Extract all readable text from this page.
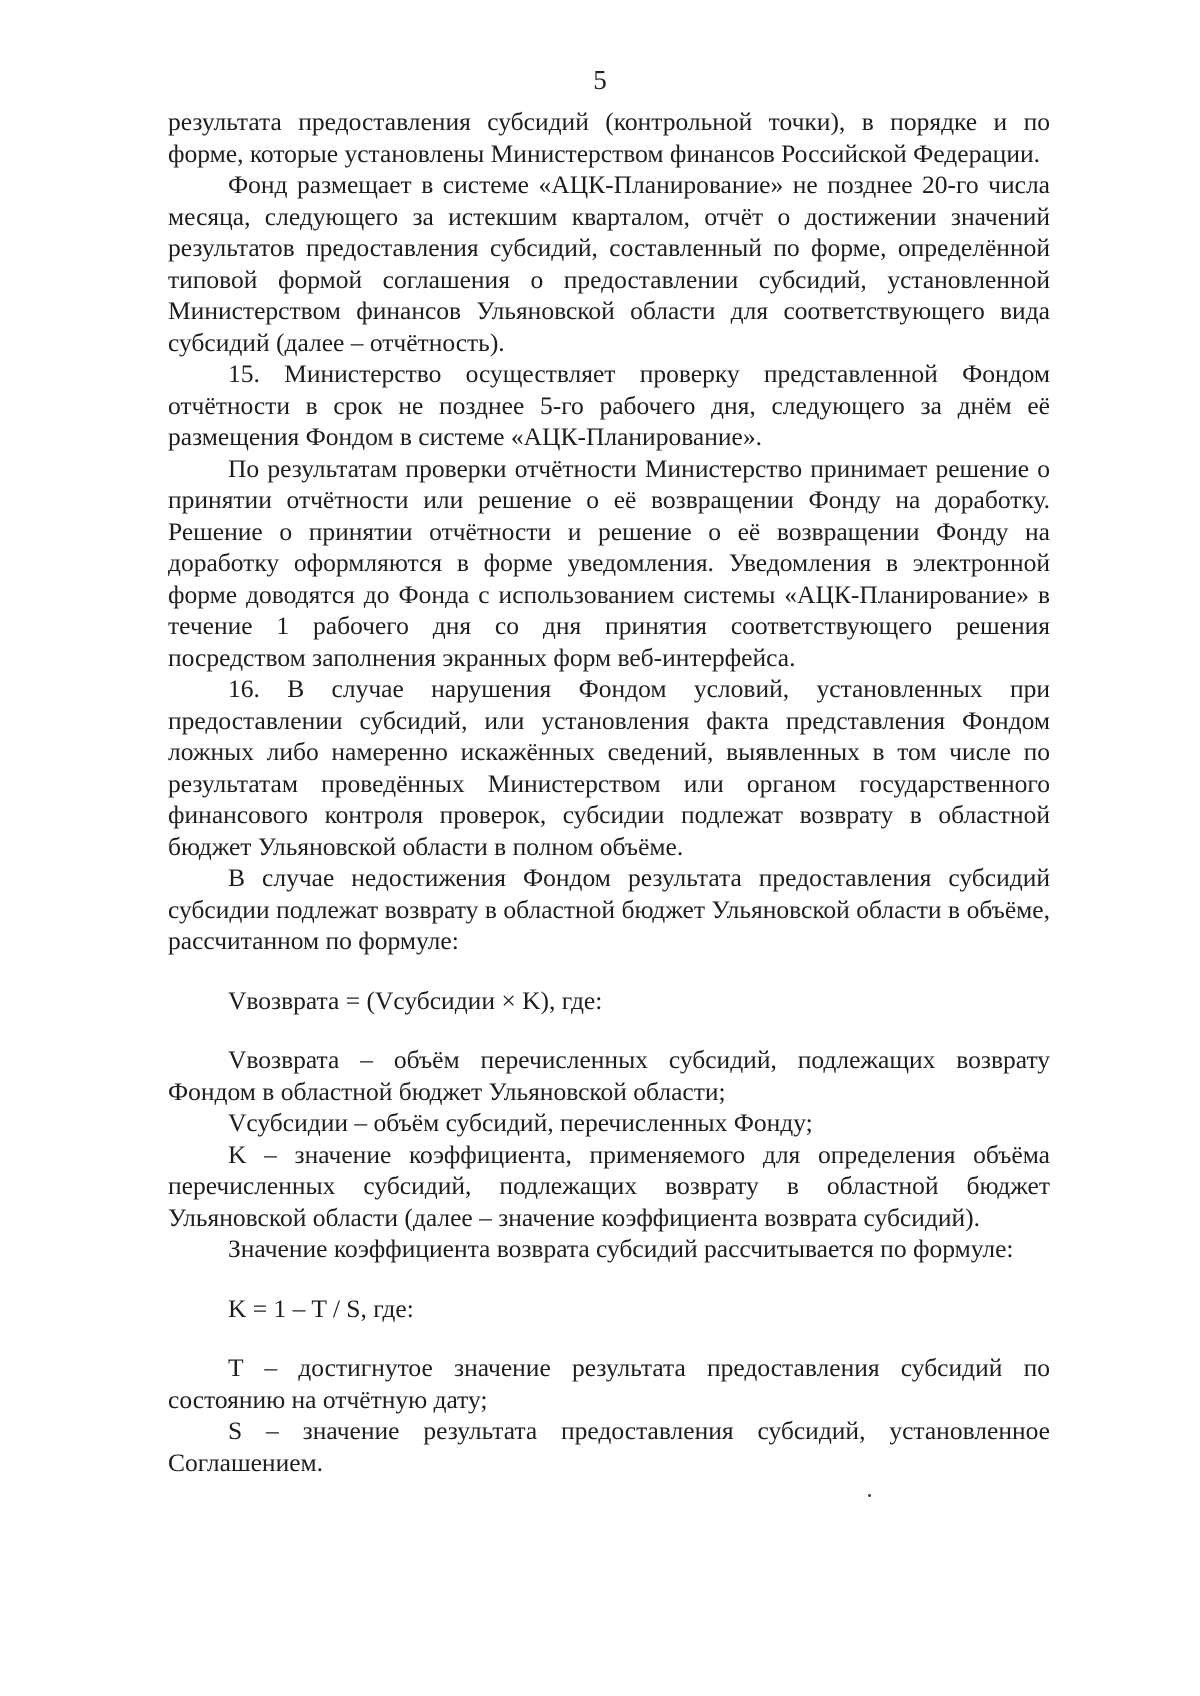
5

результата предоставления субсидий (контрольной точки), в порядке и по форме, которые установлены Министерством финансов Российской Федерации.

Фонд размещает в системе «АЦК-Планирование» не позднее 20-го числа месяца, следующего за истекшим кварталом, отчёт о достижении значений результатов предоставления субсидий, составленный по форме, определённой типовой формой соглашения о предоставлении субсидий, установленной Министерством финансов Ульяновской области для соответствующего вида субсидий (далее – отчётность).

15. Министерство осуществляет проверку представленной Фондом отчётности в срок не позднее 5-го рабочего дня, следующего за днём её размещения Фондом в системе «АЦК-Планирование».

По результатам проверки отчётности Министерство принимает решение о принятии отчётности или решение о её возвращении Фонду на доработку. Решение о принятии отчётности и решение о её возвращении Фонду на доработку оформляются в форме уведомления. Уведомления в электронной форме доводятся до Фонда с использованием системы «АЦК-Планирование» в течение 1 рабочего дня со дня принятия соответствующего решения посредством заполнения экранных форм веб-интерфейса.

16. В случае нарушения Фондом условий, установленных при предоставлении субсидий, или установления факта представления Фондом ложных либо намеренно искажённых сведений, выявленных в том числе по результатам проведённых Министерством или органом государственного финансового контроля проверок, субсидии подлежат возврату в областной бюджет Ульяновской области в полном объёме.

В случае недостижения Фондом результата предоставления субсидий субсидии подлежат возврату в областной бюджет Ульяновской области в объёме, рассчитанном по формуле:

Vвозврата = (Vсубсидии × K), где:

Vвозврата – объём перечисленных субсидий, подлежащих возврату Фондом в областной бюджет Ульяновской области;

Vсубсидии – объём субсидий, перечисленных Фонду;

K – значение коэффициента, применяемого для определения объёма перечисленных субсидий, подлежащих возврату в областной бюджет Ульяновской области (далее – значение коэффициента возврата субсидий).

Значение коэффициента возврата субсидий рассчитывается по формуле:

K = 1 – T / S, где:

T – достигнутое значение результата предоставления субсидий по состоянию на отчётную дату;

S – значение результата предоставления субсидий, установленное Соглашением.
